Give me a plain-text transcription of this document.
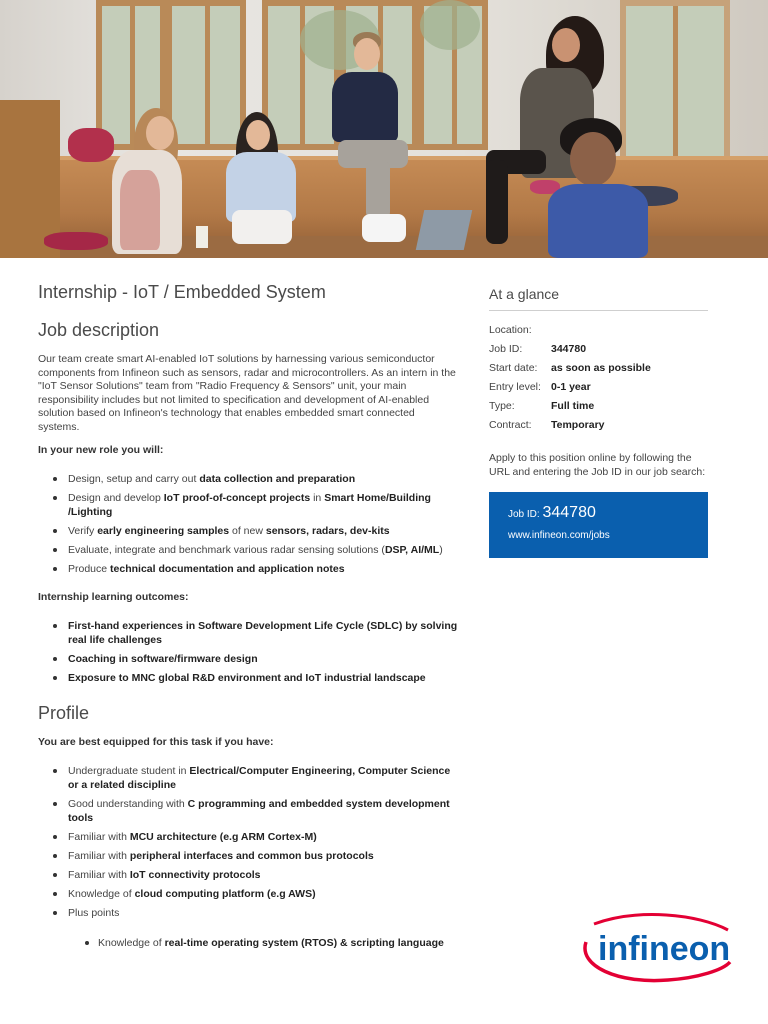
Internship - IoT / Embedded System
Job description

Our team create smart AI-enabled IoT solutions by harnessing various semiconductor components from Infineon such as sensors, radar and microcontrollers. As an intern in the "IoT Sensor Solutions" team from "Radio Frequency & Sensors" unit, your main responsibility includes but not limited to specification and development of AI-enabled solution based on Infineon's technology that enables embedded smart connected systems.

In your new role you will:

Design, setup and carry out data collection and preparation
Design and develop IoT proof-of-concept projects in Smart Home/Building /Lighting
Verify early engineering samples of new sensors, radars, dev-kits
Evaluate, integrate and benchmark various radar sensing solutions (DSP, AI/ML)
Produce technical documentation and application notes

Internship learning outcomes:

First-hand experiences in Software Development Life Cycle (SDLC) by solving real life challenges
Coaching in software/firmware design
Exposure to MNC global R&D environment and IoT industrial landscape
Profile

You are best equipped for this task if you have:

Undergraduate student in Electrical/Computer Engineering, Computer Science or a related discipline
Good understanding with C programming and embedded system development tools
Familiar with MCU architecture (e.g ARM Cortex-M)
Familiar with peripheral interfaces and common bus protocols
Familiar with IoT connectivity protocols
Knowledge of cloud computing platform (e.g AWS)
Plus points
Knowledge of real-time operating system (RTOS) & scripting language
At a glance
Location:
Job ID:	344780
Start date: as soon as possible
Entry level: 0-1 year
Type:	Full time
Contract: Temporary

Apply to this position online by following the URL and entering the Job ID in our job search:

Job ID: 344780
www.infineon.com/jobs
infineon
